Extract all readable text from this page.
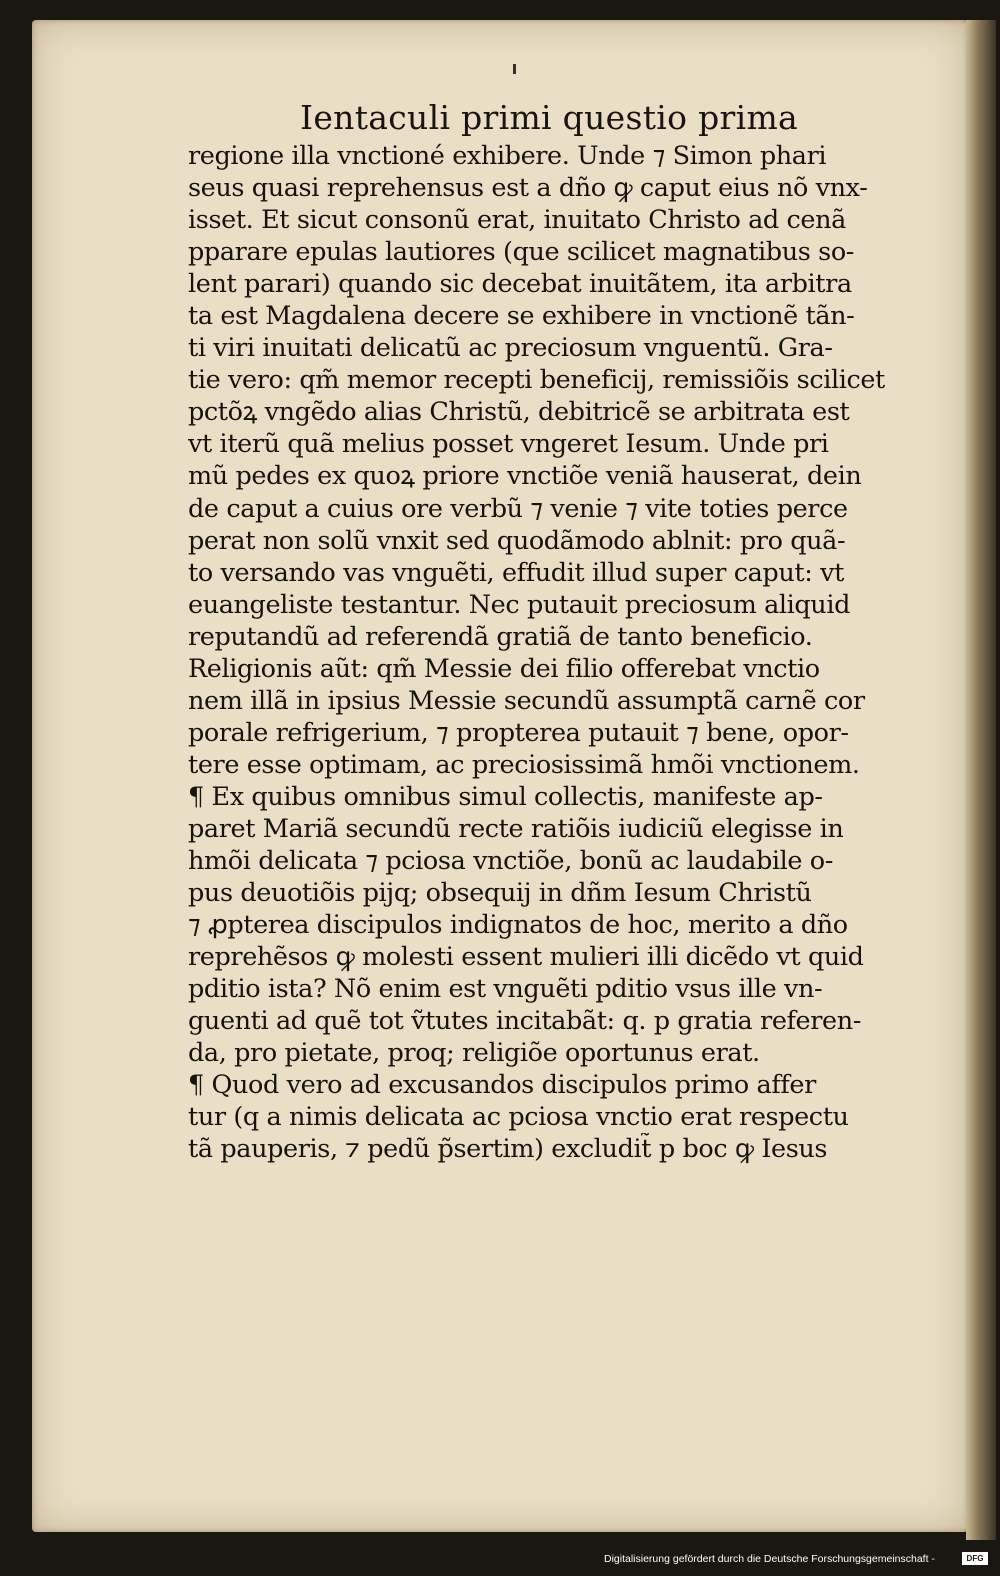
Ientaculi primi questio prima
regione illa vnctioné exhibere. Unde ⁊ Simon phari
seus quasi reprehensus est a dño ꝙ caput eius nõ vnx-
isset. Et sicut consonũ erat, inuitato Christo ad cenã
pparare epulas lautiores (que scilicet magnatibus so-
lent parari) quando sic decebat inuitãtem, ita arbitra
ta est Magdalena decere se exhibere in vnctionẽ tãn-
ti viri inuitati delicatũ ac preciosum vnguentũ. Gra-
tie vero: qm̃ memor recepti beneficij, remissiõis scilicet
pctõꝝ vngẽdo alias Christũ, debitricẽ se arbitrata est
vt iterũ quã melius posset vngeret Iesum. Unde pri
mũ pedes ex quoꝝ priore vnctiõe veniã hauserat, dein
de caput a cuius ore verbũ ⁊ venie ⁊ vite toties perce
perat non solũ vnxit sed quodãmodo ablnit: pro quã-
to versando vas vnguẽti, effudit illud super caput: vt
euangeliste testantur. Nec putauit preciosum aliquid
reputandũ ad referendã gratiã de tanto beneficio.
Religionis aũt: qm̃ Messie dei filio offerebat vnctio
nem illã in ipsius Messie secundũ assumptã carnẽ cor
porale refrigerium, ⁊ propterea putauit ⁊ bene, opor-
tere esse optimam, ac preciosissimã hmõi vnctionem.
¶ Ex quibus omnibus simul collectis, manifeste ap-
paret Mariã secundũ recte ratiõis iudiciũ elegisse in
hmõi delicata ⁊ pciosa vnctiõe, bonũ ac laudabile o-
pus deuotiõis pijq; obsequij in dñm Iesum Christũ
⁊ ꝓpterea discipulos indignatos de hoc, merito a dño
reprehẽsos ꝙ molesti essent mulieri illi dicẽdo vt quid
pditio ista? Nõ enim est vnguẽti pditio vsus ille vn-
guenti ad quẽ tot ṽtutes incitabãt: q. p gratia referen-
da, pro pietate, proq; religiõe oportunus erat.
¶ Quod vero ad excusandos discipulos primo affer
tur (q a nimis delicata ac pciosa vnctio erat respectu
tã pauperis, ⁊ pedũ p̃sertim) excludit̃ p boc ꝙ Iesus
Digitalisierung gefördert durch die Deutsche Forschungsgemeinschaft -	DFG
